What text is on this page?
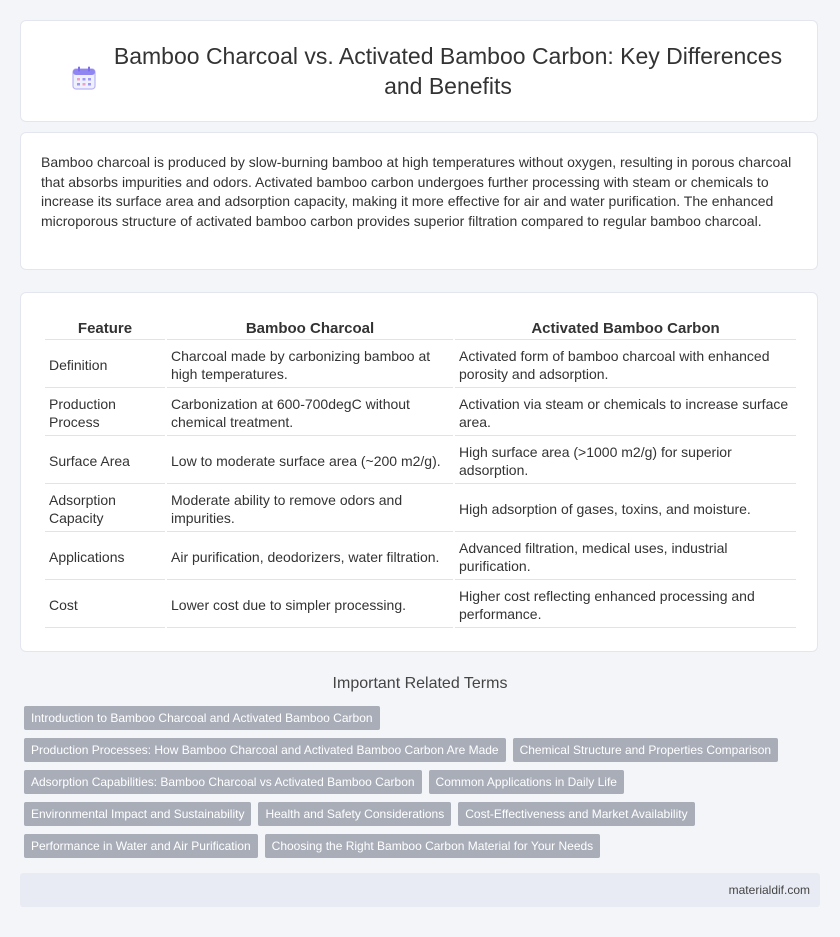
Bamboo Charcoal vs. Activated Bamboo Carbon: Key Differences and Benefits

Bamboo charcoal is produced by slow-burning bamboo at high temperatures without oxygen, resulting in porous charcoal that absorbs impurities and odors. Activated bamboo carbon undergoes further processing with steam or chemicals to increase its surface area and adsorption capacity, making it more effective for air and water purification. The enhanced microporous structure of activated bamboo carbon provides superior filtration compared to regular bamboo charcoal.

Feature	Bamboo Charcoal	Activated Bamboo Carbon
Definition	Charcoal made by carbonizing bamboo at high temperatures.	Activated form of bamboo charcoal with enhanced porosity and adsorption.
Production Process	Carbonization at 600-700degC without chemical treatment.	Activation via steam or chemicals to increase surface area.
Surface Area	Low to moderate surface area (~200 m2/g).	High surface area (>1000 m2/g) for superior adsorption.
Adsorption Capacity	Moderate ability to remove odors and impurities.	High adsorption of gases, toxins, and moisture.
Applications	Air purification, deodorizers, water filtration.	Advanced filtration, medical uses, industrial purification.
Cost	Lower cost due to simpler processing.	Higher cost reflecting enhanced processing and performance.
Important Related Terms
Introduction to Bamboo Charcoal and Activated Bamboo Carbon
Production Processes: How Bamboo Charcoal and Activated Bamboo Carbon Are Made	Chemical Structure and Properties Comparison
Adsorption Capabilities: Bamboo Charcoal vs Activated Bamboo Carbon	Common Applications in Daily Life
Environmental Impact and Sustainability	Health and Safety Considerations	Cost-Effectiveness and Market Availability
Performance in Water and Air Purification	Choosing the Right Bamboo Carbon Material for Your Needs
materialdif.com
